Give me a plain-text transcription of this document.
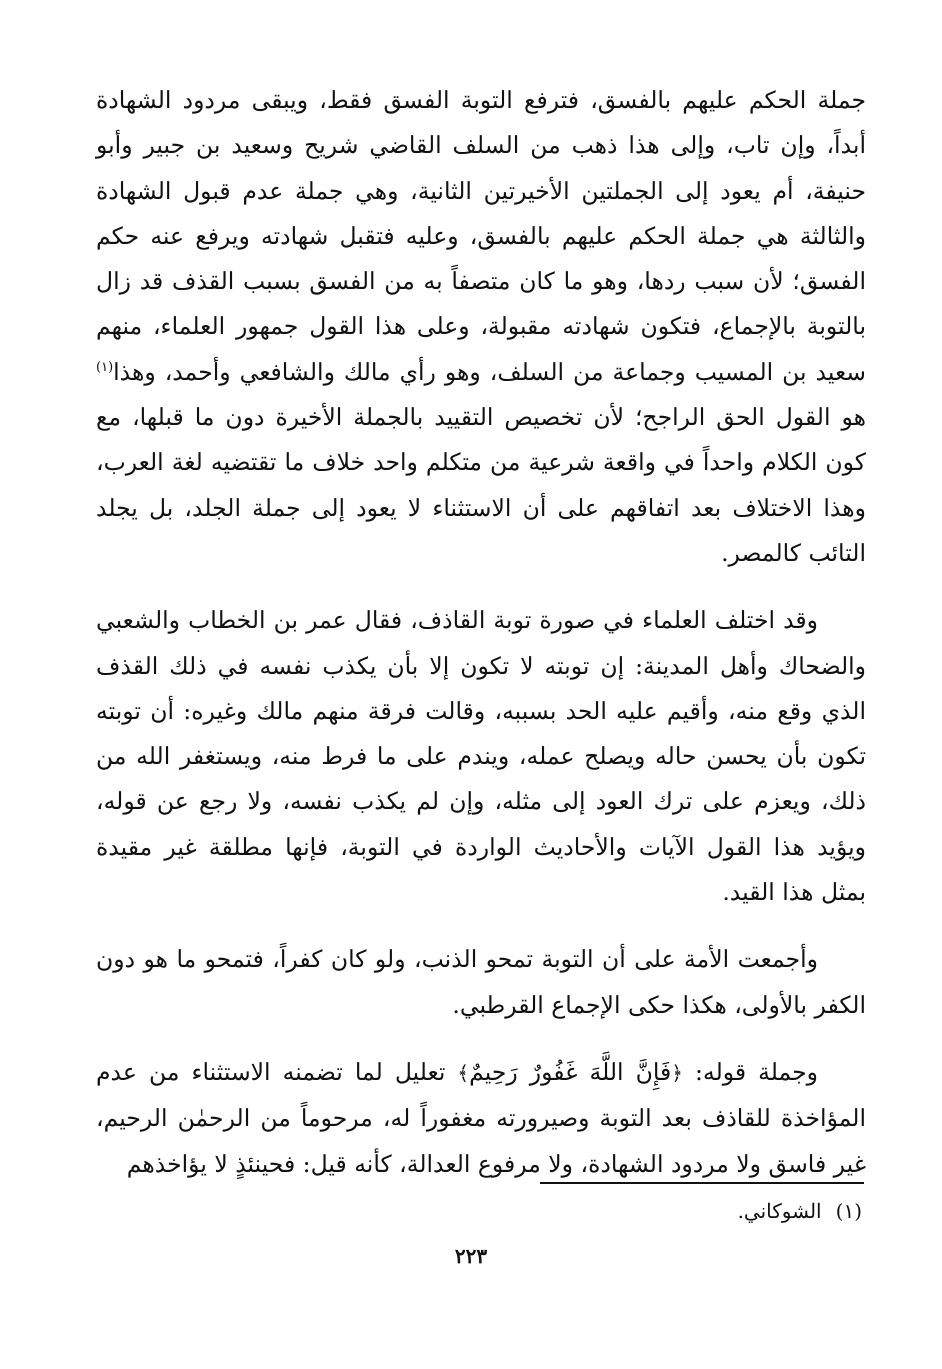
جملة الحكم عليهم بالفسق، فترفع التوبة الفسق فقط، ويبقى مردود الشهادة أبداً، وإن تاب، وإلى هذا ذهب من السلف القاضي شريح وسعيد بن جبير وأبو حنيفة، أم يعود إلى الجملتين الأخيرتين الثانية، وهي جملة عدم قبول الشهادة والثالثة هي جملة الحكم عليهم بالفسق، وعليه فتقبل شهادته ويرفع عنه حكم الفسق؛ لأن سبب ردها، وهو ما كان متصفاً به من الفسق بسبب القذف قد زال بالتوبة بالإجماع، فتكون شهادته مقبولة، وعلى هذا القول جمهور العلماء، منهم سعيد بن المسيب وجماعة من السلف، وهو رأي مالك والشافعي وأحمد، وهذا$^{(١)}$ هو القول الحق الراجح؛ لأن تخصيص التقييد بالجملة الأخيرة دون ما قبلها، مع كون الكلام واحداً في واقعة شرعية من متكلم واحد خلاف ما تقتضيه لغة العرب، وهذا الاختلاف بعد اتفاقهم على أن الاستثناء لا يعود إلى جملة الجلد، بل يجلد التائب كالمصر.

وقد اختلف العلماء في صورة توبة القاذف، فقال عمر بن الخطاب والشعبي والضحاك وأهل المدينة: إن توبته لا تكون إلا بأن يكذب نفسه في ذلك القذف الذي وقع منه، وأقيم عليه الحد بسببه، وقالت فرقة منهم مالك وغيره: أن توبته تكون بأن يحسن حاله ويصلح عمله، ويندم على ما فرط منه، ويستغفر الله من ذلك، ويعزم على ترك العود إلى مثله، وإن لم يكذب نفسه، ولا رجع عن قوله، ويؤيد هذا القول الآيات والأحاديث الواردة في التوبة، فإنها مطلقة غير مقيدة بمثل هذا القيد.

وأجمعت الأمة على أن التوبة تمحو الذنب، ولو كان كفراً، فتمحو ما هو دون الكفر بالأولى، هكذا حكى الإجماع القرطبي.

وجملة قوله: ﴿فَإِنَّ اللَّهَ غَفُورٌ رَحِيمٌ﴾ تعليل لما تضمنه الاستثناء من عدم المؤاخذة للقاذف بعد التوبة وصيرورته مغفوراً له، مرحوماً من الرحمٰن الرحيم، غير فاسق ولا مردود الشهادة، ولا مرفوع العدالة، كأنه قيل: فحينئذٍ لا يؤاخذهم

(١)الشوكاني.
٢٢٣
